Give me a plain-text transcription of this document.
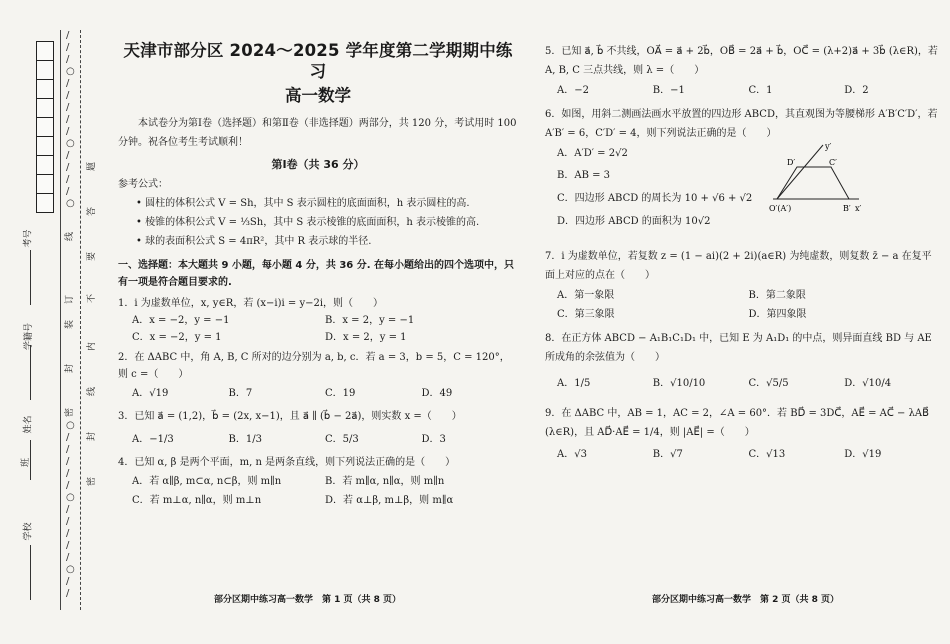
考号
学籍号
姓名
班
学校
/
/
/
○
/
/
/
/
/
○
/
/
/
/
○
○
/
/
/
/
/
○
/
/
/
/
/
○
/
/
线
订
装
封
密
题
答
要
不
内
线
封
密
天津市部分区 2024～2025 学年度第二学期期中练习
高一数学
本试卷分为第Ⅰ卷（选择题）和第Ⅱ卷（非选择题）两部分，共 120 分，考试用时 100 分钟。祝各位考生考试顺利！
第Ⅰ卷（共 36 分）
参考公式：
• 圆柱的体积公式 V = Sh，其中 S 表示圆柱的底面面积，h 表示圆柱的高.
• 棱锥的体积公式 V = ⅓Sh，其中 S 表示棱锥的底面面积，h 表示棱锥的高.
• 球的表面积公式 S = 4πR²，其中 R 表示球的半径.
一、选择题：本大题共 9 小题，每小题 4 分，共 36 分. 在每小题给出的四个选项中，只有一项是符合题目要求的.
1．i 为虚数单位，x, y∈R，若 (x−i)i = y−2i，则（　　）
A．x = −2，y = −1	B．x = 2，y = −1
C．x = −2，y = 1	D．x = 2，y = 1
2．在 ΔABC 中，角 A, B, C 所对的边分别为 a, b, c．若 a = 3，b = 5，C = 120°，则 c =（　　）
A．√19	B．7	C．19	D．49
3．已知 a⃗ = (1,2)，b⃗ = (2x, x−1)，且 a⃗ ∥ (b⃗ − 2a⃗)，则实数 x =（　　）
A．−1/3	B．1/3	C．5/3	D．3
4．已知 α, β 是两个平面，m, n 是两条直线，则下列说法正确的是（　　）
A．若 α∥β, m⊂α, n⊂β，则 m∥n	B．若 m∥α, n∥α，则 m∥n
C．若 m⊥α, n∥α，则 m⊥n	D．若 α⊥β, m⊥β，则 m∥α
部分区期中练习高一数学　第 1 页（共 8 页）
5．已知 a⃗, b⃗ 不共线，OA⃗ = a⃗ + 2b⃗，OB⃗ = 2a⃗ + b⃗，OC⃗ = (λ+2)a⃗ + 3b⃗ (λ∈R)，若 A, B, C 三点共线，则 λ =（　　）
A．−2	B．−1	C．1	D．2
6．如图，用斜二测画法画水平放置的四边形 ABCD，其直观图为等腰梯形 A′B′C′D′，若 A′B′ = 6，C′D′ = 4，则下列说法正确的是（　　）
A．A′D′ = 2√2
B．AB = 3
C．四边形 ABCD 的周长为 10 + √6 + √2
D．四边形 ABCD 的面积为 10√2
O′(A′)	B′ x′
D′	C′
y′
7．i 为虚数单位，若复数 z = (1 − ai)(2 + 2i)(a∈R) 为纯虚数，则复数 z̄ − a 在复平面上对应的点在（　　）
A．第一象限	B．第二象限
C．第三象限	D．第四象限
8．在正方体 ABCD − A₁B₁C₁D₁ 中，已知 E 为 A₁D₁ 的中点，则异面直线 BD 与 AE 所成角的余弦值为（　　）
A．1/5	B．√10/10	C．√5/5	D．√10/4
9．在 ΔABC 中，AB = 1，AC = 2，∠A = 60°．若 BD⃗ = 3DC⃗，AE⃗ = AC⃗ − λAB⃗ (λ∈R)，且 AD⃗·AE⃗ = 1/4，则 |AE⃗| =（　　）
A．√3	B．√7	C．√13	D．√19
部分区期中练习高一数学　第 2 页（共 8 页）
